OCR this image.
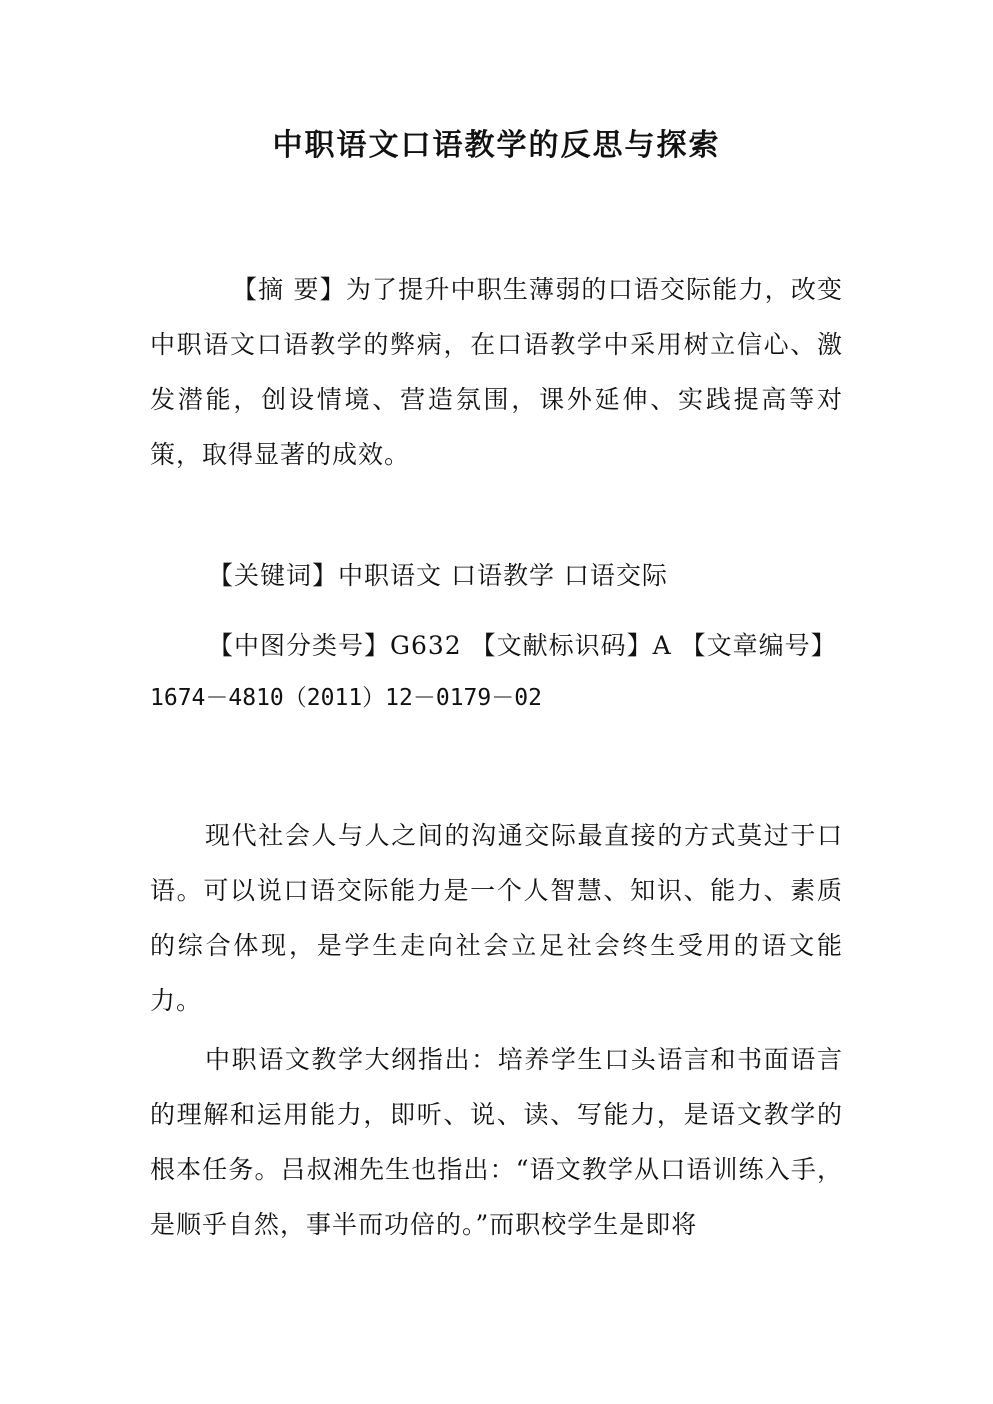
中职语文口语教学的反思与探索

【摘 要】为了提升中职生薄弱的口语交际能力，改变中职语文口语教学的弊病，在口语教学中采用树立信心、激发潜能，创设情境、营造氛围，课外延伸、实践提高等对策，取得显著的成效。

【关键词】中职语文 口语教学 口语交际
【中图分类号】G632 【文献标识码】A 【文章编号】
1674－4810（2011）12－0179－02

现代社会人与人之间的沟通交际最直接的方式莫过于口语。可以说口语交际能力是一个人智慧、知识、能力、素质的综合体现，是学生走向社会立足社会终生受用的语文能力。

中职语文教学大纲指出：培养学生口头语言和书面语言的理解和运用能力，即听、说、读、写能力，是语文教学的根本任务。吕叔湘先生也指出：“语文教学从口语训练入手，是顺乎自然，事半而功倍的。”而职校学生是即将
